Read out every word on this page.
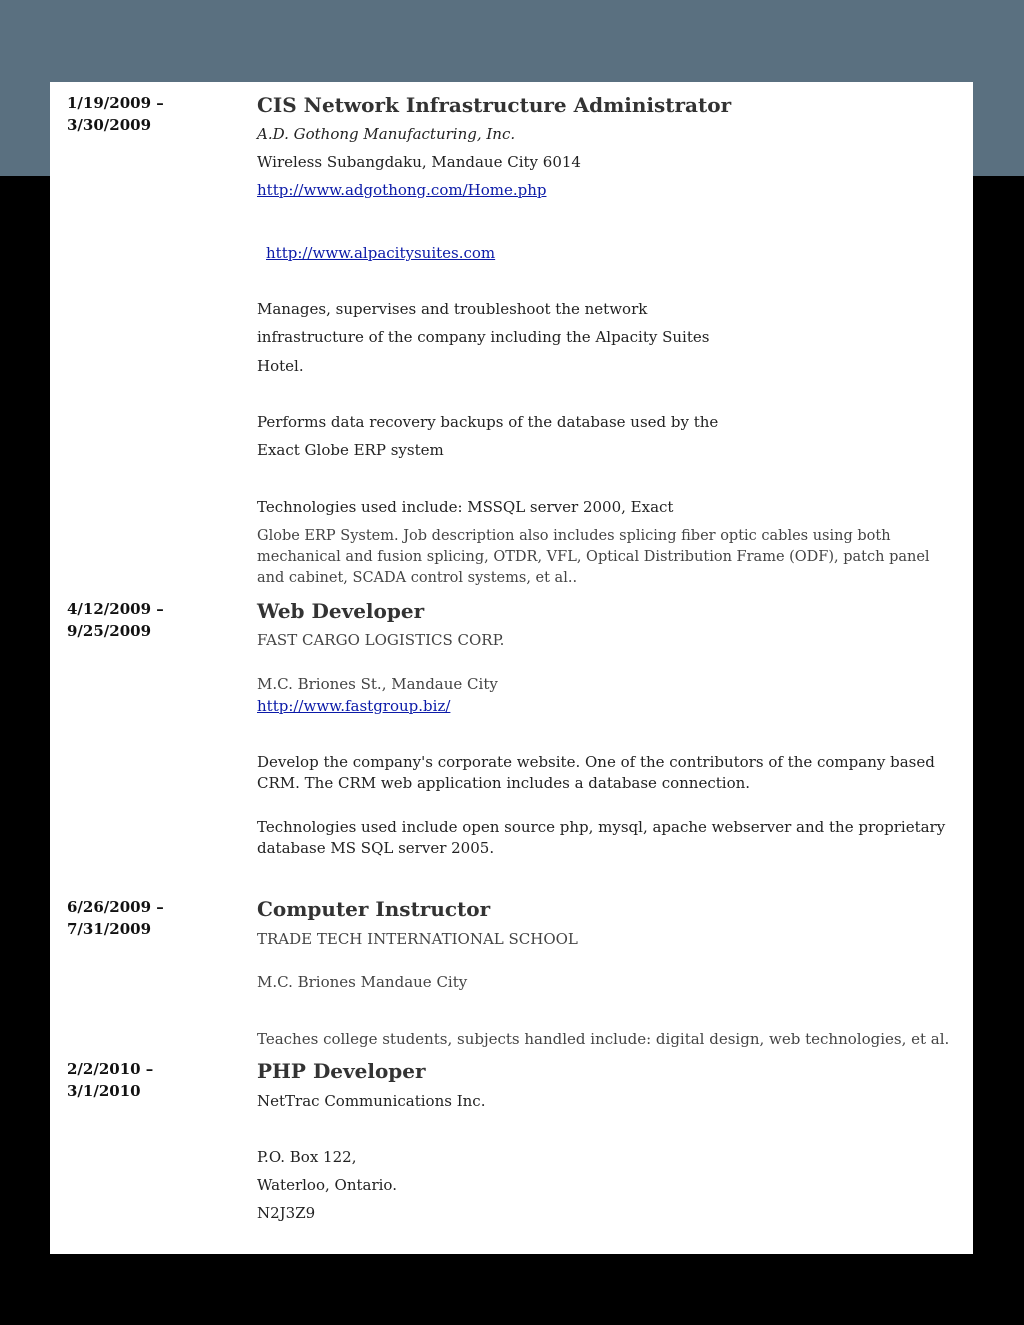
1/19/2009 –
3/30/2009
CIS Network Infrastructure Administrator
A.D. Gothong Manufacturing, Inc.
Wireless Subangdaku, Mandaue City 6014
http://www.adgothong.com/Home.php
http://www.alpacitysuites.com
Manages, supervises and troubleshoot the network
infrastructure of the company including the Alpacity Suites
Hotel.
Performs data recovery backups of the database used by the
Exact Globe ERP system
Technologies used include: MSSQL server 2000, Exact
Globe ERP System. Job description also includes splicing fiber optic cables using both
mechanical and fusion splicing, OTDR, VFL, Optical Distribution Frame (ODF), patch panel
and cabinet, SCADA control systems, et al..
4/12/2009 –
9/25/2009
Web Developer
FAST CARGO LOGISTICS CORP.
M.C. Briones St., Mandaue City
http://www.fastgroup.biz/
Develop the company's corporate website. One of the contributors of the company based
CRM. The CRM web application includes a database connection.
Technologies used include open source php, mysql, apache webserver and the proprietary
database MS SQL server 2005.
6/26/2009 –
7/31/2009
Computer Instructor
TRADE TECH INTERNATIONAL SCHOOL
M.C. Briones Mandaue City
Teaches college students, subjects handled include: digital design, web technologies, et al.
2/2/2010 –
3/1/2010
PHP Developer
NetTrac Communications Inc.
P.O. Box 122,
Waterloo, Ontario.
N2J3Z9
